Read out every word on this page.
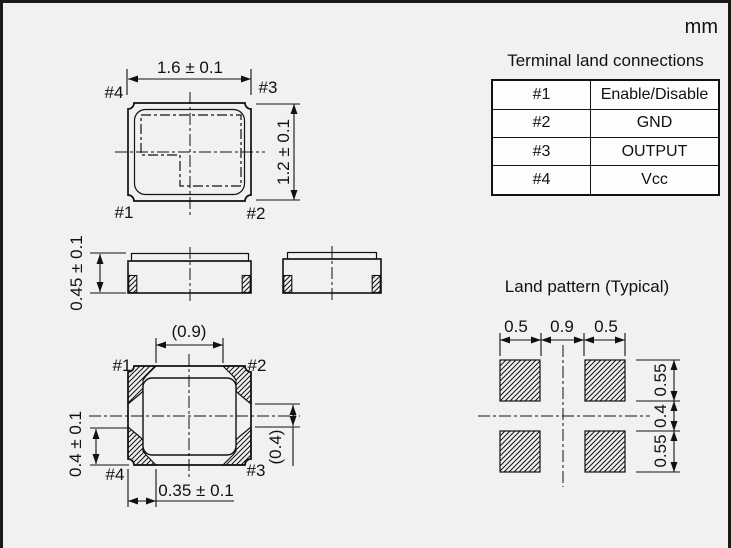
mm
Terminal land connections
#1	Enable/Disable
#2	GND
#3	OUTPUT
#4	Vcc
1.6 ± 0.1
1.2 ± 0.1
#4	#3
#1	#2
0.45 ± 0.1
(0.9)
0.4 ± 0.1	(0.4)
0.35 ± 0.1
#1	#2
#4	#3
Land pattern (Typical)
0.5 0.9 0.5
0.55
0.4
0.55
